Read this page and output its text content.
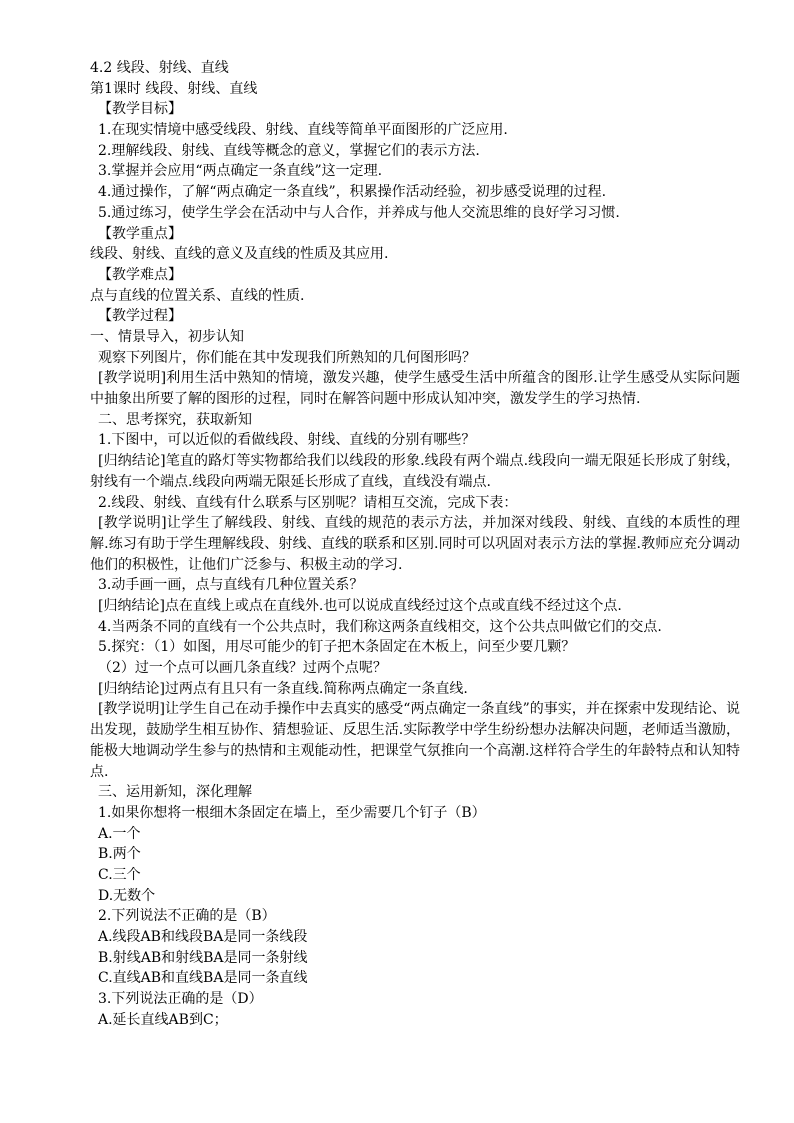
4.2 线段、射线、直线
第1课时 线段、射线、直线
【教学目标】
1.在现实情境中感受线段、射线、直线等简单平面图形的广泛应用.
2.理解线段、射线、直线等概念的意义，掌握它们的表示方法.
3.掌握并会应用“两点确定一条直线”这一定理.
4.通过操作，了解“两点确定一条直线”，积累操作活动经验，初步感受说理的过程.
5.通过练习，使学生学会在活动中与人合作，并养成与他人交流思维的良好学习习惯.
【教学重点】
线段、射线、直线的意义及直线的性质及其应用.
【教学难点】
点与直线的位置关系、直线的性质.
【教学过程】
一、情景导入，初步认知
观察下列图片，你们能在其中发现我们所熟知的几何图形吗？
[教学说明]利用生活中熟知的情境，激发兴趣，使学生感受生活中所蕴含的图形.让学生感受从实际问题中抽象出所要了解的图形的过程，同时在解答问题中形成认知冲突，激发学生的学习热情.
二、思考探究，获取新知
1.下图中，可以近似的看做线段、射线、直线的分别有哪些？
[归纳结论]笔直的路灯等实物都给我们以线段的形象.线段有两个端点.线段向一端无限延长形成了射线，射线有一个端点.线段向两端无限延长形成了直线，直线没有端点.
2.线段、射线、直线有什么联系与区别呢？请相互交流，完成下表：
[教学说明]让学生了解线段、射线、直线的规范的表示方法，并加深对线段、射线、直线的本质性的理解.练习有助于学生理解线段、射线、直线的联系和区别.同时可以巩固对表示方法的掌握.教师应充分调动他们的积极性，让他们广泛参与、积极主动的学习.
3.动手画一画，点与直线有几种位置关系？
[归纳结论]点在直线上或点在直线外.也可以说成直线经过这个点或直线不经过这个点.
4.当两条不同的直线有一个公共点时，我们称这两条直线相交，这个公共点叫做它们的交点.
5.探究：（1）如图，用尽可能少的钉子把木条固定在木板上，问至少要几颗？
（2）过一个点可以画几条直线？过两个点呢？
[归纳结论]过两点有且只有一条直线.简称两点确定一条直线.
[教学说明]让学生自己在动手操作中去真实的感受“两点确定一条直线”的事实，并在探索中发现结论、说出发现，鼓励学生相互协作、猜想验证、反思生活.实际教学中学生纷纷想办法解决问题，老师适当激励，能极大地调动学生参与的热情和主观能动性，把课堂气氛推向一个高潮.这样符合学生的年龄特点和认知特点.
三、运用新知，深化理解
1.如果你想将一根细木条固定在墙上，至少需要几个钉子（B）
A.一个
B.两个
C.三个
D.无数个
2.下列说法不正确的是（B）
A.线段AB和线段BA是同一条线段
B.射线AB和射线BA是同一条射线
C.直线AB和直线BA是同一条直线
3.下列说法正确的是（D）
A.延长直线AB到C；
